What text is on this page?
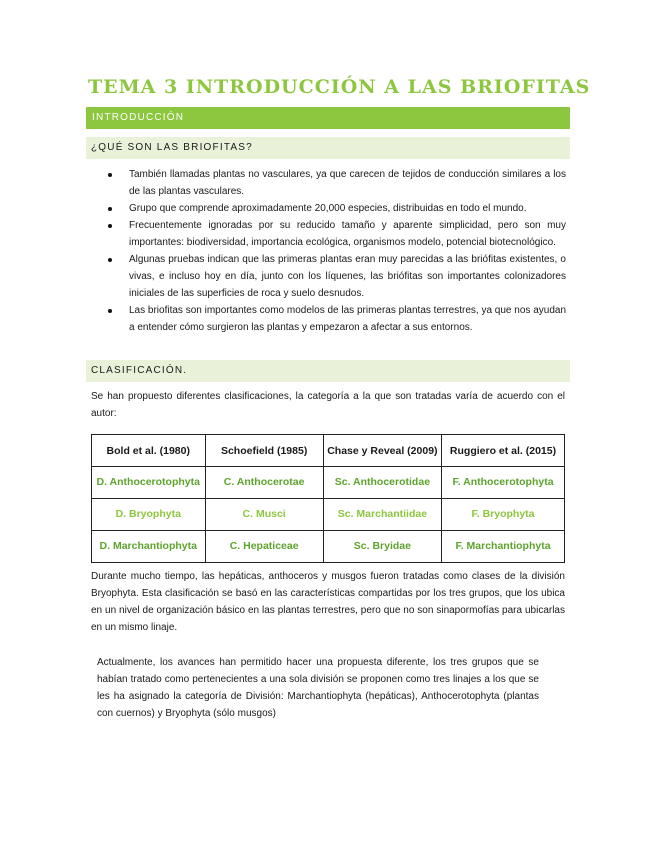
TEMA 3 INTRODUCCIÓN A LAS BRIOFITAS
INTRODUCCIÓN
¿QUÉ SON LAS BRIOFITAS?
También llamadas plantas no vasculares, ya que carecen de tejidos de conducción similares a los de las plantas vasculares.
Grupo que comprende aproximadamente 20,000 especies, distribuidas en todo el mundo.
Frecuentemente ignoradas por su reducido tamaño y aparente simplicidad, pero son muy importantes: biodiversidad, importancia ecológica, organismos modelo, potencial biotecnológico.
Algunas pruebas indican que las primeras plantas eran muy parecidas a las briófitas existentes, o vivas, e incluso hoy en día, junto con los líquenes, las briófitas son importantes colonizadores iniciales de las superficies de roca y suelo desnudos.
Las briofitas son importantes como modelos de las primeras plantas terrestres, ya que nos ayudan a entender cómo surgieron las plantas y empezaron a afectar a sus entornos.
CLASIFICACIÓN.

Se han propuesto diferentes clasificaciones, la categoría a la que son tratadas varía de acuerdo con el autor:

Bold et al. (1980)	Schoefield (1985)	Chase y Reveal (2009)	Ruggiero et al. (2015)
D. Anthocerotophyta	C. Anthocerotae	Sc. Anthocerotidae	F. Anthocerotophyta
D. Bryophyta	C. Musci	Sc. Marchantiidae	F. Bryophyta
D. Marchantiophyta	C. Hepaticeae	Sc. Bryidae	F. Marchantiophyta

Durante mucho tiempo, las hepáticas, anthoceros y musgos fueron tratadas como clases de la división Bryophyta. Esta clasificación se basó en las características compartidas por los tres grupos, que los ubica en un nivel de organización básico en las plantas terrestres, pero que no son sinapormofías para ubicarlas en un mismo linaje.

Actualmente, los avances han permitido hacer una propuesta diferente, los tres grupos que se habían tratado como pertenecientes a una sola división se proponen como tres linajes a los que se les ha asignado la categoría de División: Marchantiophyta (hepáticas), Anthocerotophyta (plantas con cuernos) y Bryophyta (sólo musgos)
